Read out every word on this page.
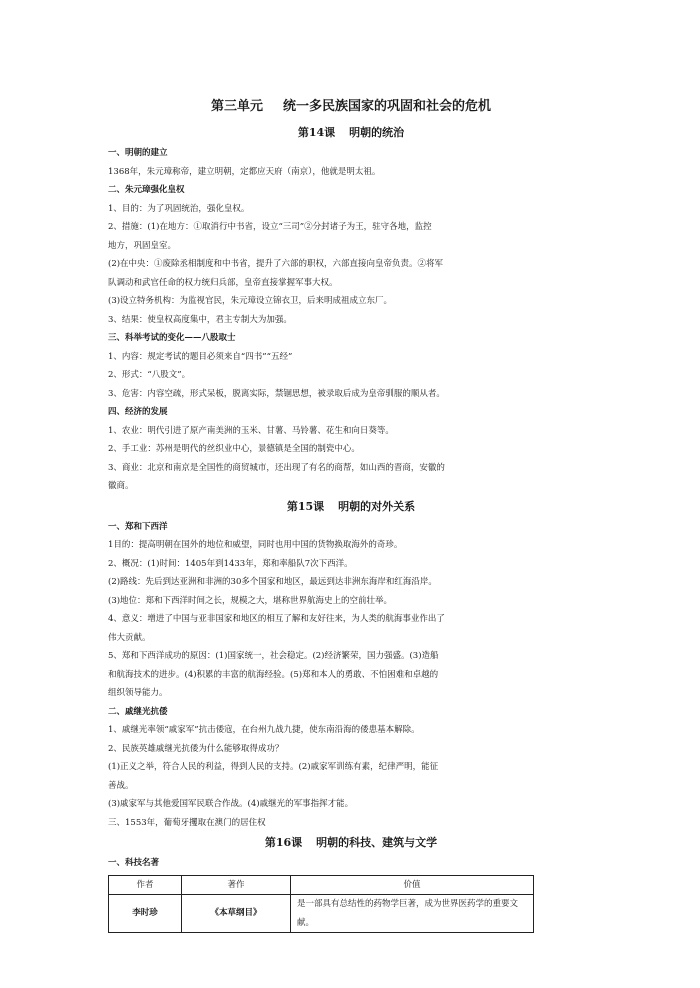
第三单元 统一多民族国家的巩固和社会的危机
第14课 明朝的统治
一、明朝的建立
1368年，朱元璋称帝，建立明朝，定都应天府（南京），他就是明太祖。
二、朱元璋强化皇权
1、目的：为了巩固统治，强化皇权。
2、措施：(1)在地方：①取消行中书省，设立“三司”②分封诸子为王，驻守各地，监控
地方，巩固皇室。
(2)在中央：①废除丞相制度和中书省，提升了六部的职权，六部直接向皇帝负责。②将军
队调动和武官任命的权力统归兵部，皇帝直接掌握军事大权。
(3)设立特务机构：为监视官民，朱元璋设立锦衣卫，后来明成祖成立东厂。
3、结果：使皇权高度集中，君主专制大为加强。
三、科举考试的变化——八股取士
1、内容：规定考试的题目必须来自“四书”“五经”
2、形式：“八股文”。
3、危害：内容空疏，形式呆板，脱离实际，禁锢思想，被录取后成为皇帝驯服的顺从者。
四、经济的发展
1、农业：明代引进了原产南美洲的玉米、甘薯、马铃薯、花生和向日葵等。
2、手工业：苏州是明代的丝织业中心，景德镇是全国的制瓷中心。
3、商业：北京和南京是全国性的商贸城市，还出现了有名的商帮，如山西的晋商，安徽的
徽商。
第15课 明朝的对外关系
一、郑和下西洋
1目的：提高明朝在国外的地位和威望，同时也用中国的货物换取海外的奇珍。
2、概况：(1)时间：1405年到1433年，郑和率船队7次下西洋。
(2)路线：先后到达亚洲和非洲的30多个国家和地区，最远到达非洲东海岸和红海沿岸。
(3)地位：郑和下西洋时间之长，规模之大，堪称世界航海史上的空前壮举。
4、意义：增进了中国与亚非国家和地区的相互了解和友好往来，为人类的航海事业作出了
伟大贡献。
5、郑和下西洋成功的原因：(1)国家统一，社会稳定。(2)经济繁荣，国力强盛。(3)造船
和航海技术的进步。(4)积累的丰富的航海经验。(5)郑和本人的勇敢、不怕困难和卓越的
组织领导能力。
二、戚继光抗倭
1、戚继光率领“戚家军”抗击倭寇，在台州九战九捷，使东南沿海的倭患基本解除。
2、民族英雄戚继光抗倭为什么能够取得成功？
(1)正义之举，符合人民的利益，得到人民的支持。(2)戚家军训练有素，纪律严明，能征
善战。
(3)戚家军与其他爱国军民联合作战。(4)戚继光的军事指挥才能。
三、1553年，葡萄牙攫取在澳门的居住权
第16课 明朝的科技、建筑与文学
一、科技名著
作者	著作	价值
李时珍	《本草纲目》	是一部具有总结性的药物学巨著，成为世界医药学的重要文献。
